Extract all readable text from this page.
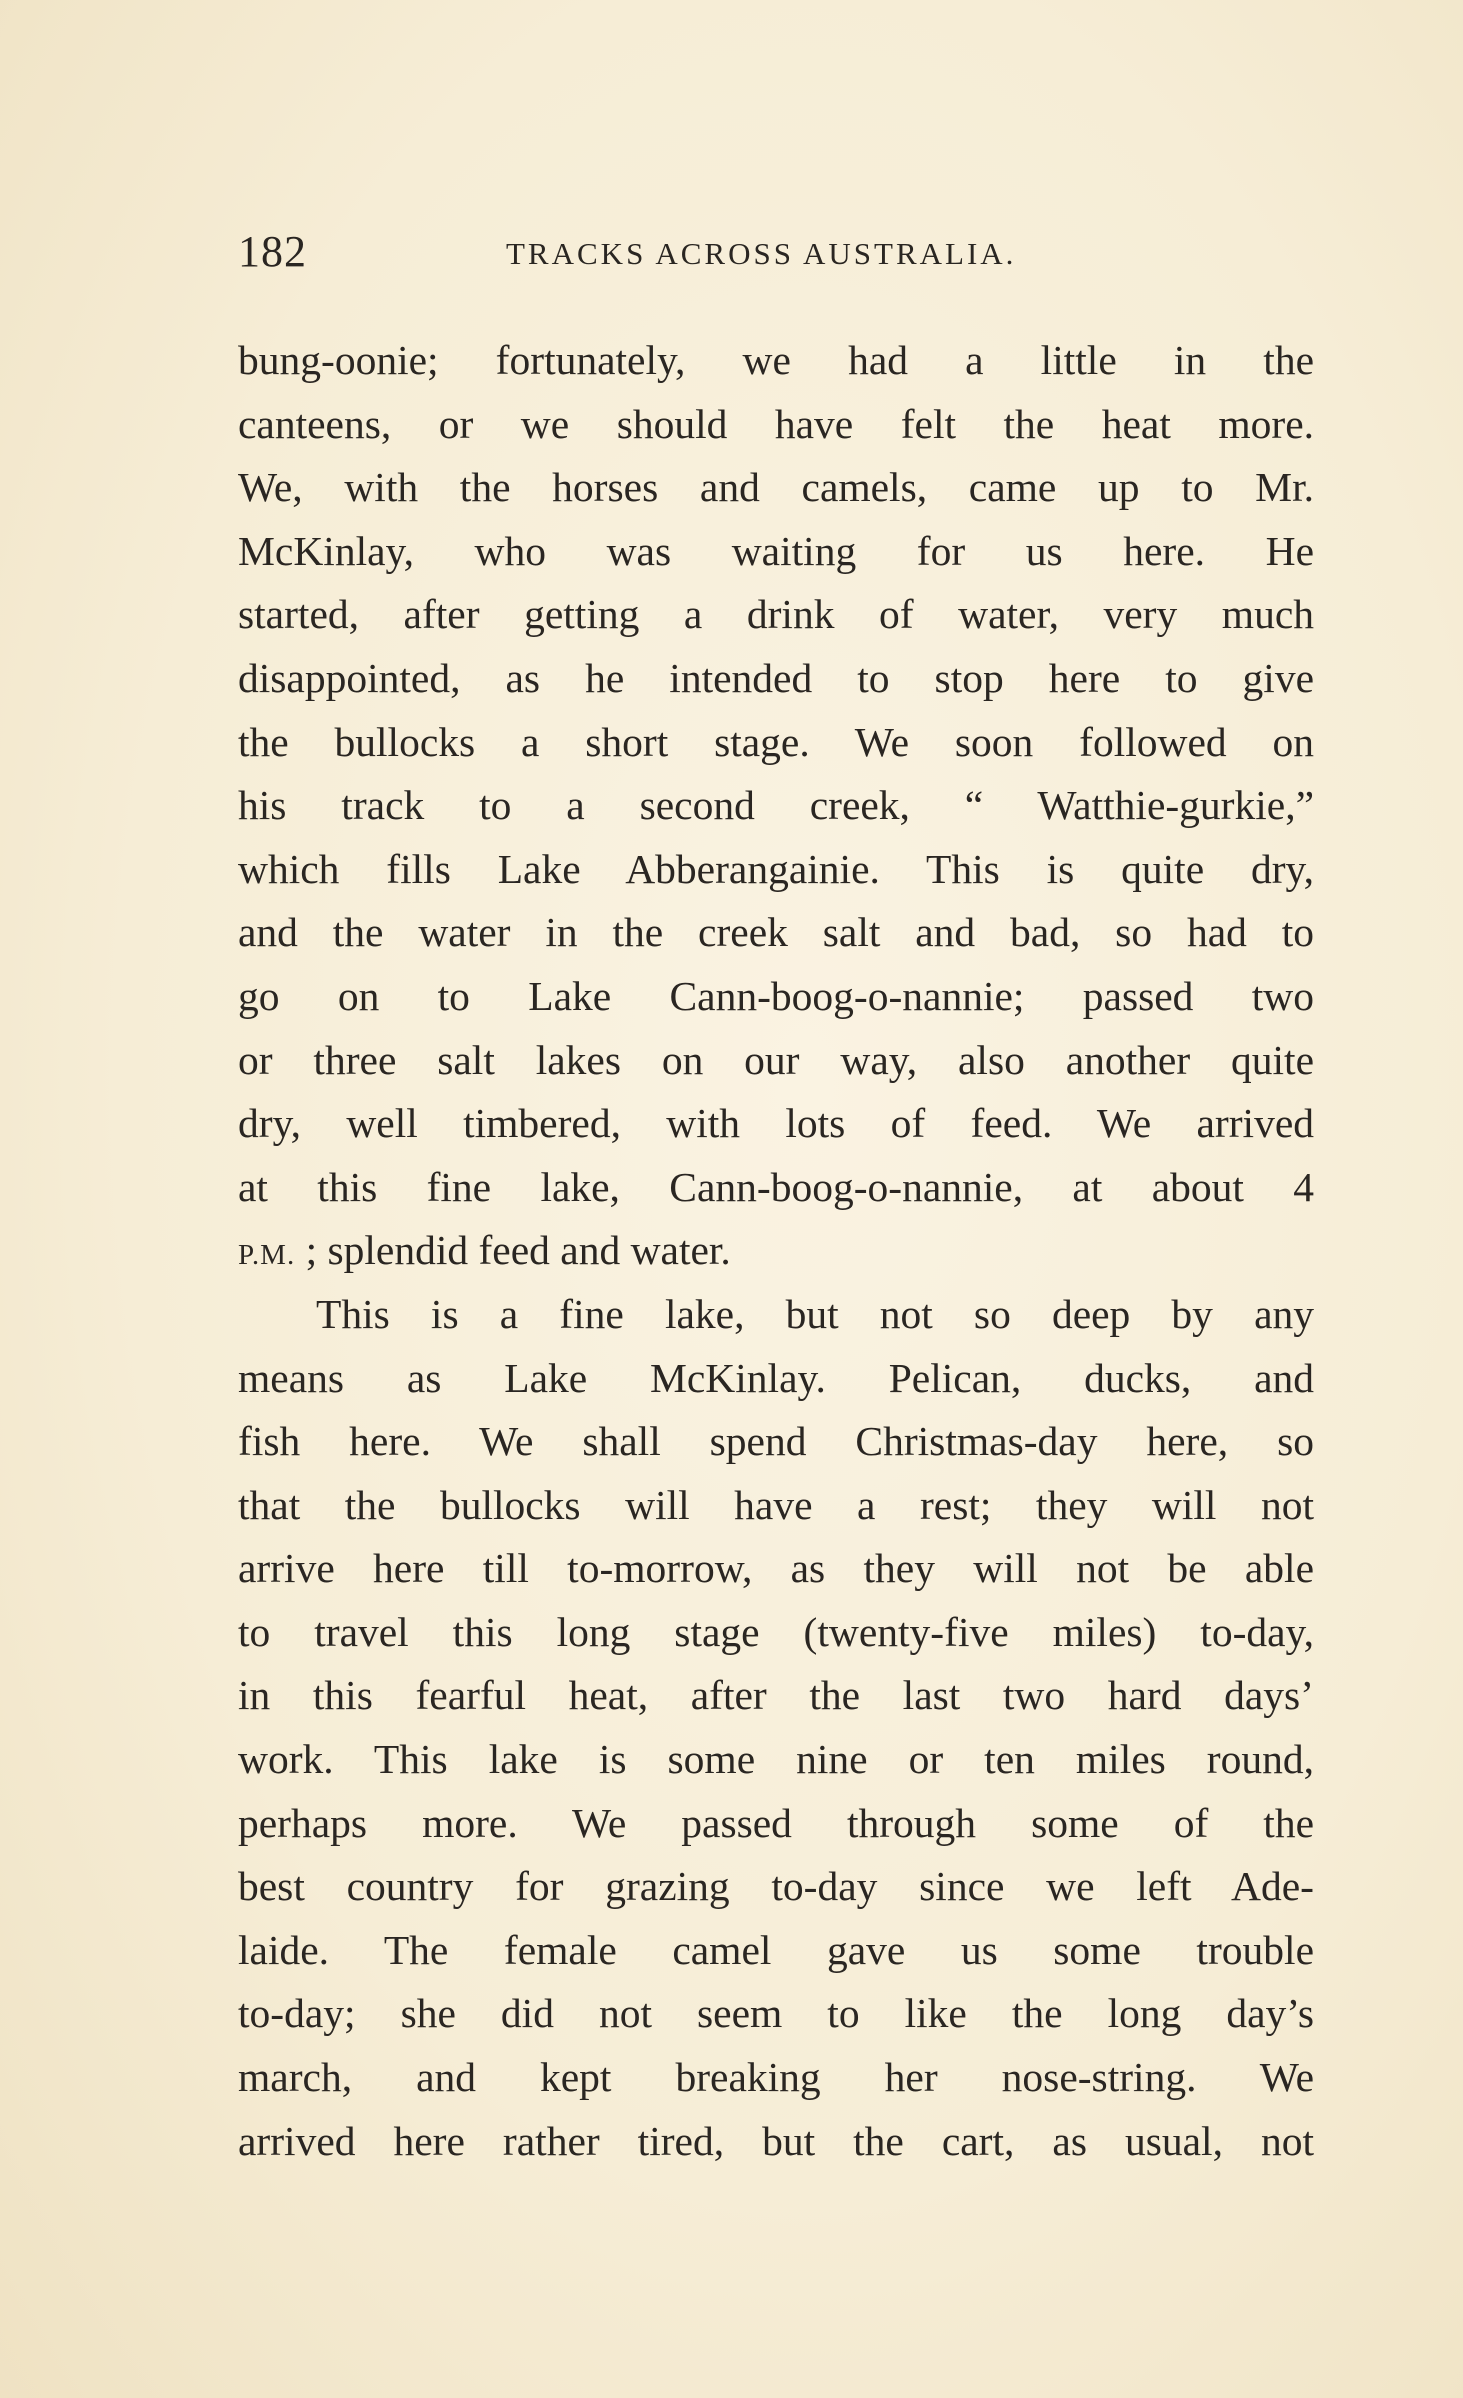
182	TRACKS ACROSS AUSTRALIA.
bung-oonie; fortunately, we had a little in the
canteens, or we should have felt the heat more.
We, with the horses and camels, came up to Mr.
McKinlay, who was waiting for us here. He
started, after getting a drink of water, very much
disappointed, as he intended to stop here to give
the bullocks a short stage. We soon followed on
his track to a second creek, “ Watthie-gurkie,”
which fills Lake Abberangainie. This is quite dry,
and the water in the creek salt and bad, so had to
go on to Lake Cann-boog-o-nannie; passed two
or three salt lakes on our way, also another quite
dry, well timbered, with lots of feed. We arrived
at this fine lake, Cann-boog-o-nannie, at about 4
P.M. ; splendid feed and water.
This is a fine lake, but not so deep by any
means as Lake McKinlay. Pelican, ducks, and
fish here. We shall spend Christmas-day here, so
that the bullocks will have a rest; they will not
arrive here till to-morrow, as they will not be able
to travel this long stage (twenty-five miles) to-day,
in this fearful heat, after the last two hard days’
work. This lake is some nine or ten miles round,
perhaps more. We passed through some of the
best country for grazing to-day since we left Ade-
laide. The female camel gave us some trouble
to-day; she did not seem to like the long day’s
march, and kept breaking her nose-string. We
arrived here rather tired, but the cart, as usual, not
